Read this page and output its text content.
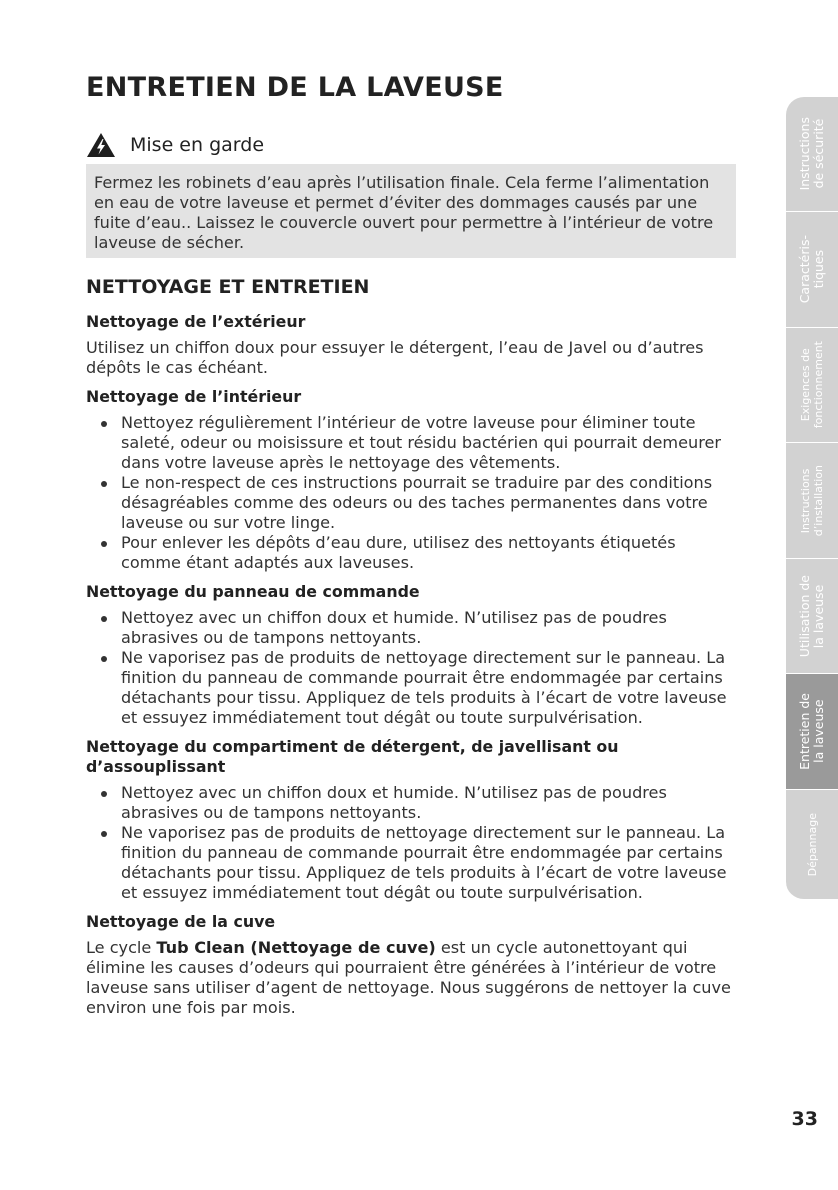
ENTRETIEN DE LA LAVEUSE
Mise en garde

Fermez les robinets d’eau après l’utilisation finale. Cela ferme l’alimentation en eau de votre laveuse et permet d’éviter des dommages causés par une fuite d’eau.. Laissez le couvercle ouvert pour permettre à l’intérieur de votre laveuse de sécher.

NETTOYAGE ET ENTRETIEN
Nettoyage de l’extérieur

Utilisez un chiffon doux pour essuyer le détergent, l’eau de Javel ou d’autres dépôts le cas échéant.

Nettoyage de l’intérieur
Nettoyez régulièrement l’intérieur de votre laveuse pour éliminer toute saleté, odeur ou moisissure et tout résidu bactérien qui pourrait demeurer dans votre laveuse après le nettoyage des vêtements.
Le non-respect de ces instructions pourrait se traduire par des conditions désagréables comme des odeurs ou des taches permanentes dans votre laveuse ou sur votre linge.
Pour enlever les dépôts d’eau dure, utilisez des nettoyants étiquetés comme étant adaptés aux laveuses.
Nettoyage du panneau de commande
Nettoyez avec un chiffon doux et humide. N’utilisez pas de poudres abrasives ou de tampons nettoyants.
Ne vaporisez pas de produits de nettoyage directement sur le panneau. La finition du panneau de commande pourrait être endommagée par certains détachants pour tissu. Appliquez de tels produits à l’écart de votre laveuse et essuyez immédiatement tout dégât ou toute surpulvérisation.
Nettoyage du compartiment de détergent, de javellisant ou d’assouplissant
Nettoyez avec un chiffon doux et humide. N’utilisez pas de poudres abrasives ou de tampons nettoyants.
Ne vaporisez pas de produits de nettoyage directement sur le panneau. La finition du panneau de commande pourrait être endommagée par certains détachants pour tissu. Appliquez de tels produits à l’écart de votre laveuse et essuyez immédiatement tout dégât ou toute surpulvérisation.
Nettoyage de la cuve

Le cycle Tub Clean (Nettoyage de cuve) est un cycle autonettoyant qui élimine les causes d’odeurs qui pourraient être générées à l’intérieur de votre laveuse sans utiliser d’agent de nettoyage. Nous suggérons de nettoyer la cuve environ une fois par mois.

Instructions
de sécurité
Caractéris-
tiques
Exigences de
fonctionnement
Instructions
d’installation
Utilisation de
la laveuse
Entretien de
la laveuse
Dépannage
33
